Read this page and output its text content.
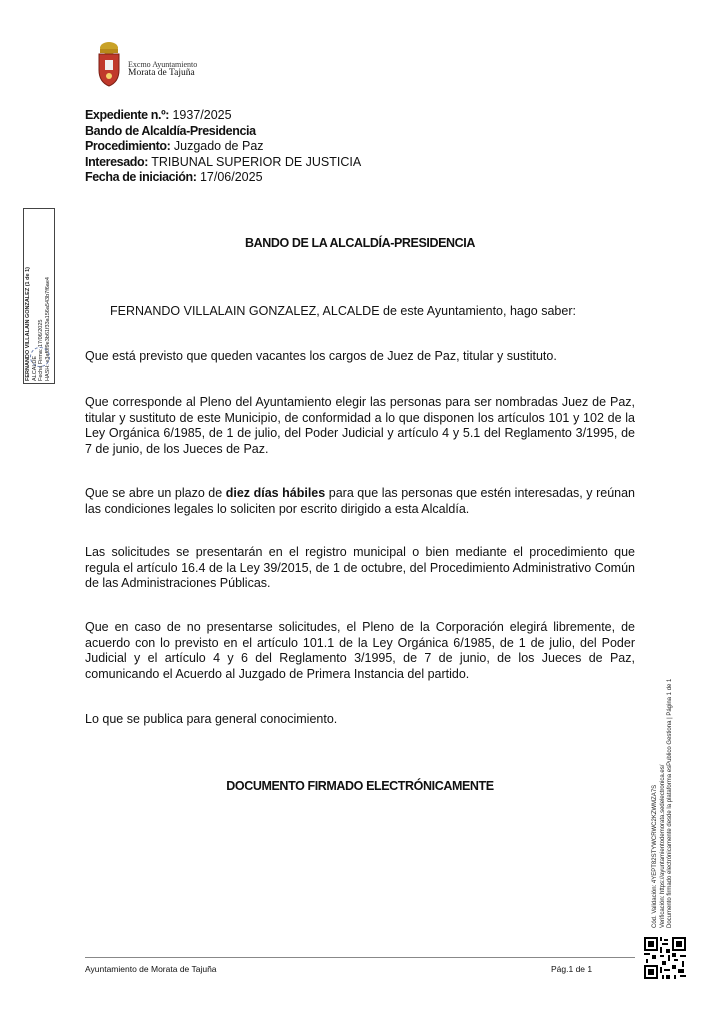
Excmo Ayuntamiento
Morata de Tajuña
Expediente n.º: 1937/2025
Bando de Alcaldía-Presidencia
Procedimiento: Juzgado de Paz
Interesado: TRIBUNAL SUPERIOR DE JUSTICIA
Fecha de iniciación: 17/06/2025
BANDO DE LA ALCALDÍA-PRESIDENCIA
FERNANDO VILLALAIN GONZALEZ, ALCALDE de este Ayuntamiento, hago saber:
Que está previsto que queden vacantes los cargos de Juez de Paz, titular y sustituto.
Que corresponde al Pleno del Ayuntamiento elegir las personas para ser nombradas Juez de Paz, titular y sustituto de este Municipio, de conformidad a lo que disponen los artículos 101 y 102 de la Ley Orgánica 6/1985, de 1 de julio, del Poder Judicial y artículo 4 y 5.1 del Reglamento 3/1995, de 7 de junio, de los Jueces de Paz.
Que se abre un plazo de diez días hábiles para que las personas que estén interesadas, y reúnan las condiciones legales lo soliciten por escrito dirigido a esta Alcaldía.
Las solicitudes se presentarán en el registro municipal o bien mediante el procedimiento que regula el artículo 16.4 de la Ley 39/2015, de 1 de octubre, del Procedimiento Administrativo Común de las Administraciones Públicas.
Que en caso de no presentarse solicitudes, el Pleno de la Corporación elegirá libremente, de acuerdo con lo previsto en el artículo 101.1 de la Ley Orgánica 6/1985, de 1 de julio, del Poder Judicial y el artículo 4 y 6 del Reglamento 3/1995, de 7 de junio, de los Jueces de Paz, comunicando el Acuerdo al Juzgado de Primera Instancia del partido.
Lo que se publica para general conocimiento.
DOCUMENTO FIRMADO ELECTRÓNICAMENTE
FERNANDO VILLALAIN GONZALEZ (1 de 1) ALCALDE Fecha Firma: 17/06/2025 HASH: e3af0f9e3b61f33a156a543b7f6ae4
Cód. Validación: 4YEPT82STYWCRWC2KZWMZA7S Verificación: https://ayuntamientodemorata.sedelectronica.es/ Documento firmado electrónicamente desde la plataforma esPublico Gestiona | Página 1 de 1
Ayuntamiento de Morata de Tajuña	Pág.1 de 1
